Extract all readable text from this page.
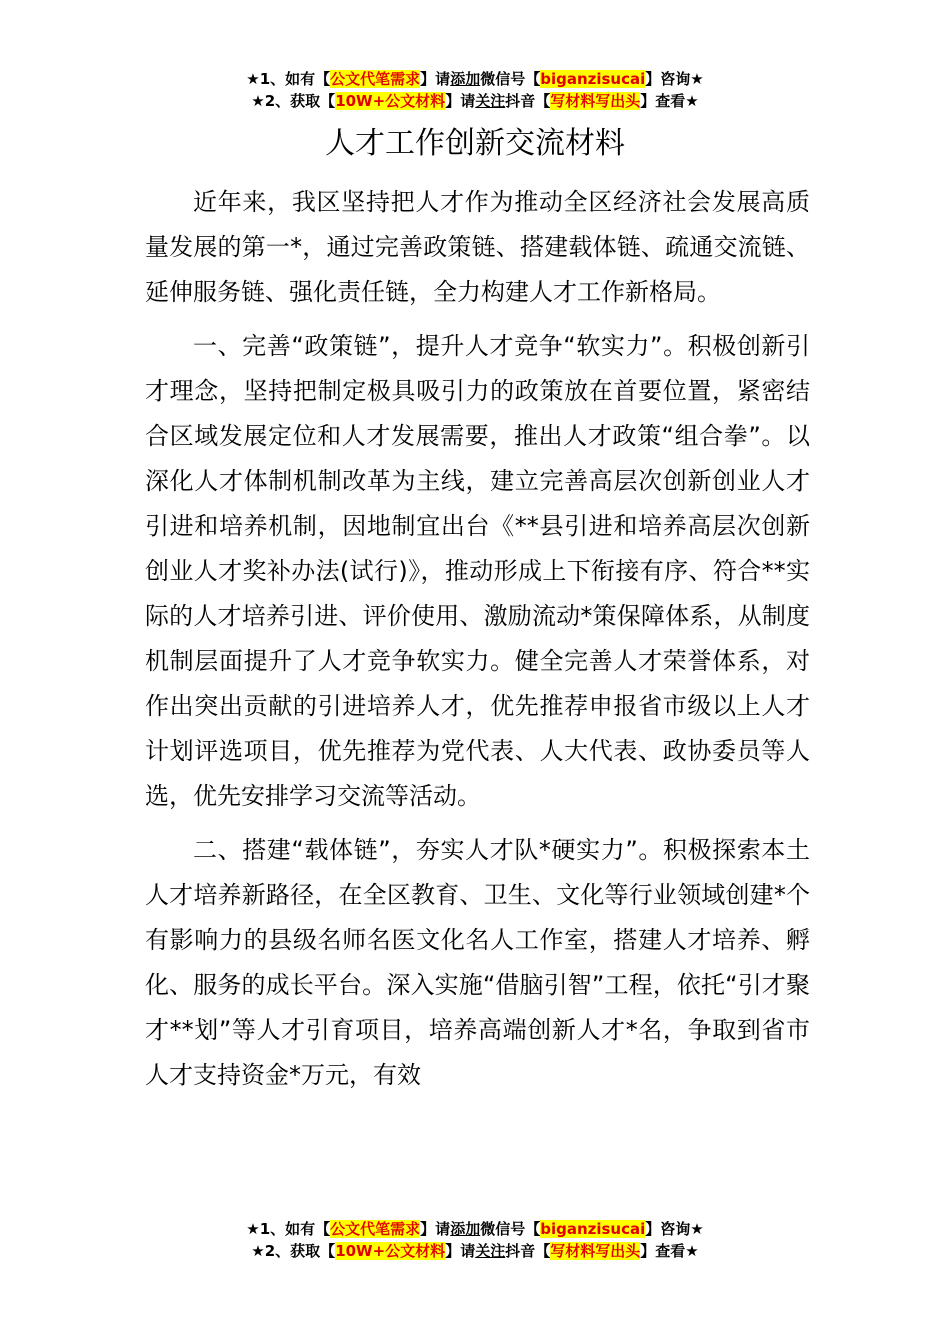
★1、如有【公文代笔需求】请添加微信号【biganzisucai】咨询★
★2、获取【10W+公文材料】请关注抖音【写材料写出头】查看★
人才工作创新交流材料

近年来，我区坚持把人才作为推动全区经济社会发展高质量发展的第一*，通过完善政策链、搭建载体链、疏通交流链、延伸服务链、强化责任链，全力构建人才工作新格局。

一、完善“政策链”，提升人才竞争“软实力”。积极创新引才理念，坚持把制定极具吸引力的政策放在首要位置，紧密结合区域发展定位和人才发展需要，推出人才政策“组合拳”。以深化人才体制机制改革为主线，建立完善高层次创新创业人才引进和培养机制，因地制宜出台《**县引进和培养高层次创新创业人才奖补办法(试行)》，推动形成上下衔接有序、符合**实际的人才培养引进、评价使用、激励流动*策保障体系，从制度机制层面提升了人才竞争软实力。健全完善人才荣誉体系，对作出突出贡献的引进培养人才，优先推荐申报省市级以上人才计划评选项目，优先推荐为党代表、人大代表、政协委员等人选，优先安排学习交流等活动。

二、搭建“载体链”，夯实人才队*硬实力”。积极探索本土人才培养新路径，在全区教育、卫生、文化等行业领域创建*个有影响力的县级名师名医文化名人工作室，搭建人才培养、孵化、服务的成长平台。深入实施“借脑引智”工程，依托“引才聚才**划”等人才引育项目，培养高端创新人才*名，争取到省市人才支持资金*万元，有效

★1、如有【公文代笔需求】请添加微信号【biganzisucai】咨询★
★2、获取【10W+公文材料】请关注抖音【写材料写出头】查看★
